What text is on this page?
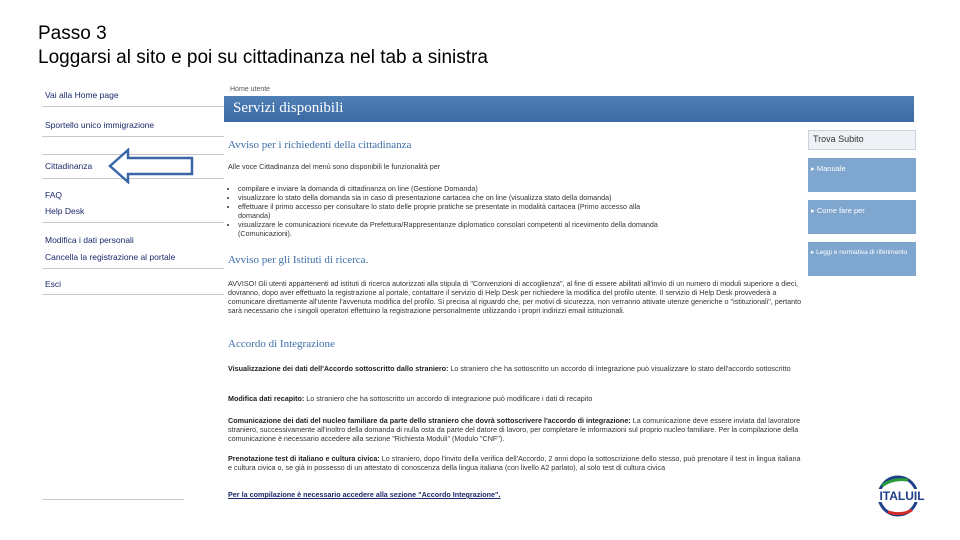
Passo 3
Loggarsi al sito e poi su cittadinanza nel tab a sinistra
Vai alla Home page
Sportello unico immigrazione
Cittadinanza
FAQ
Help Desk
Modifica i dati personali
Cancella la registrazione al portale
Esci
Home utente
Servizi disponibili
Avviso per i richiedenti della cittadinanza
Alle voce Cittadinanza del menù sono disponibili le funzionalità per
• compilare e inviare la domanda di cittadinanza on line (Gestione Domanda)
• visualizzare lo stato della domanda sia in caso di presentazione cartacea che on line (visualizza stato della domanda)
• effettuare il primo accesso per consultare lo stato delle proprie pratiche se presentate in modalità cartacea (Primo accesso alla domanda)
• visualizzare le comunicazioni ricevute da Prefettura/Rappresentanze diplomatico consolari competenti al ricevimento della domanda (Comunicazioni).
Avviso per gli Istituti di ricerca.
AVVISO! Gli utenti appartenenti ad istituti di ricerca autorizzati alla stipula di "Convenzioni di accoglienza", al fine di essere abilitati all'invio di un numero di moduli superiore a dieci, dovranno, dopo aver effettuato la registrazione al portale, contattare il servizio di Help Desk per richiedere la modifica del profilo utente. Il servizio di Help Desk provvederà a comunicare direttamente all'utente l'avvenuta modifica del profilo. Si precisa al riguardo che, per motivi di sicurezza, non verranno attivate utenze generiche o "istituzionali", pertanto sarà necessario che i singoli operatori effettuino la registrazione personalmente utilizzando i propri indirizzi email istituzionali.
Accordo di Integrazione
Visualizzazione dei dati dell'Accordo sottoscritto dallo straniero: Lo straniero che ha sottoscritto un accordo di integrazione può visualizzare lo stato dell'accordo sottoscritto
Modifica dati recapito: Lo straniero che ha sottoscritto un accordo di integrazione può modificare i dati di recapito
Comunicazione dei dati del nucleo familiare da parte dello straniero che dovrà sottoscrivere l'accordo di integrazione: La comunicazione deve essere inviata dal lavoratore straniero, successivamente all'inoltro della domanda di nulla osta da parte del datore di lavoro, per completare le informazioni sul proprio nucleo familiare. Per la compilazione della comunicazione è necessario accedere alla sezione "Richiesta Moduli" (Modulo "CNF").
Prenotazione test di italiano e cultura civica: Lo straniero, dopo l'invito della verifica dell'Accordo, 2 anni dopo la sottoscrizione dello stesso, può prenotare il test in lingua italiana e cultura civica o, se già in possesso di un attestato di conoscenza della lingua italiana (con livello A2 parlato), al solo test di cultura civica
Per la compilazione è necessario accedere alla sezione "Accordo Integrazione".
Trova Subito
▸ Manuale
▸ Come fare per
▸ Leggi e normativa di riferimento
ITALUIL
